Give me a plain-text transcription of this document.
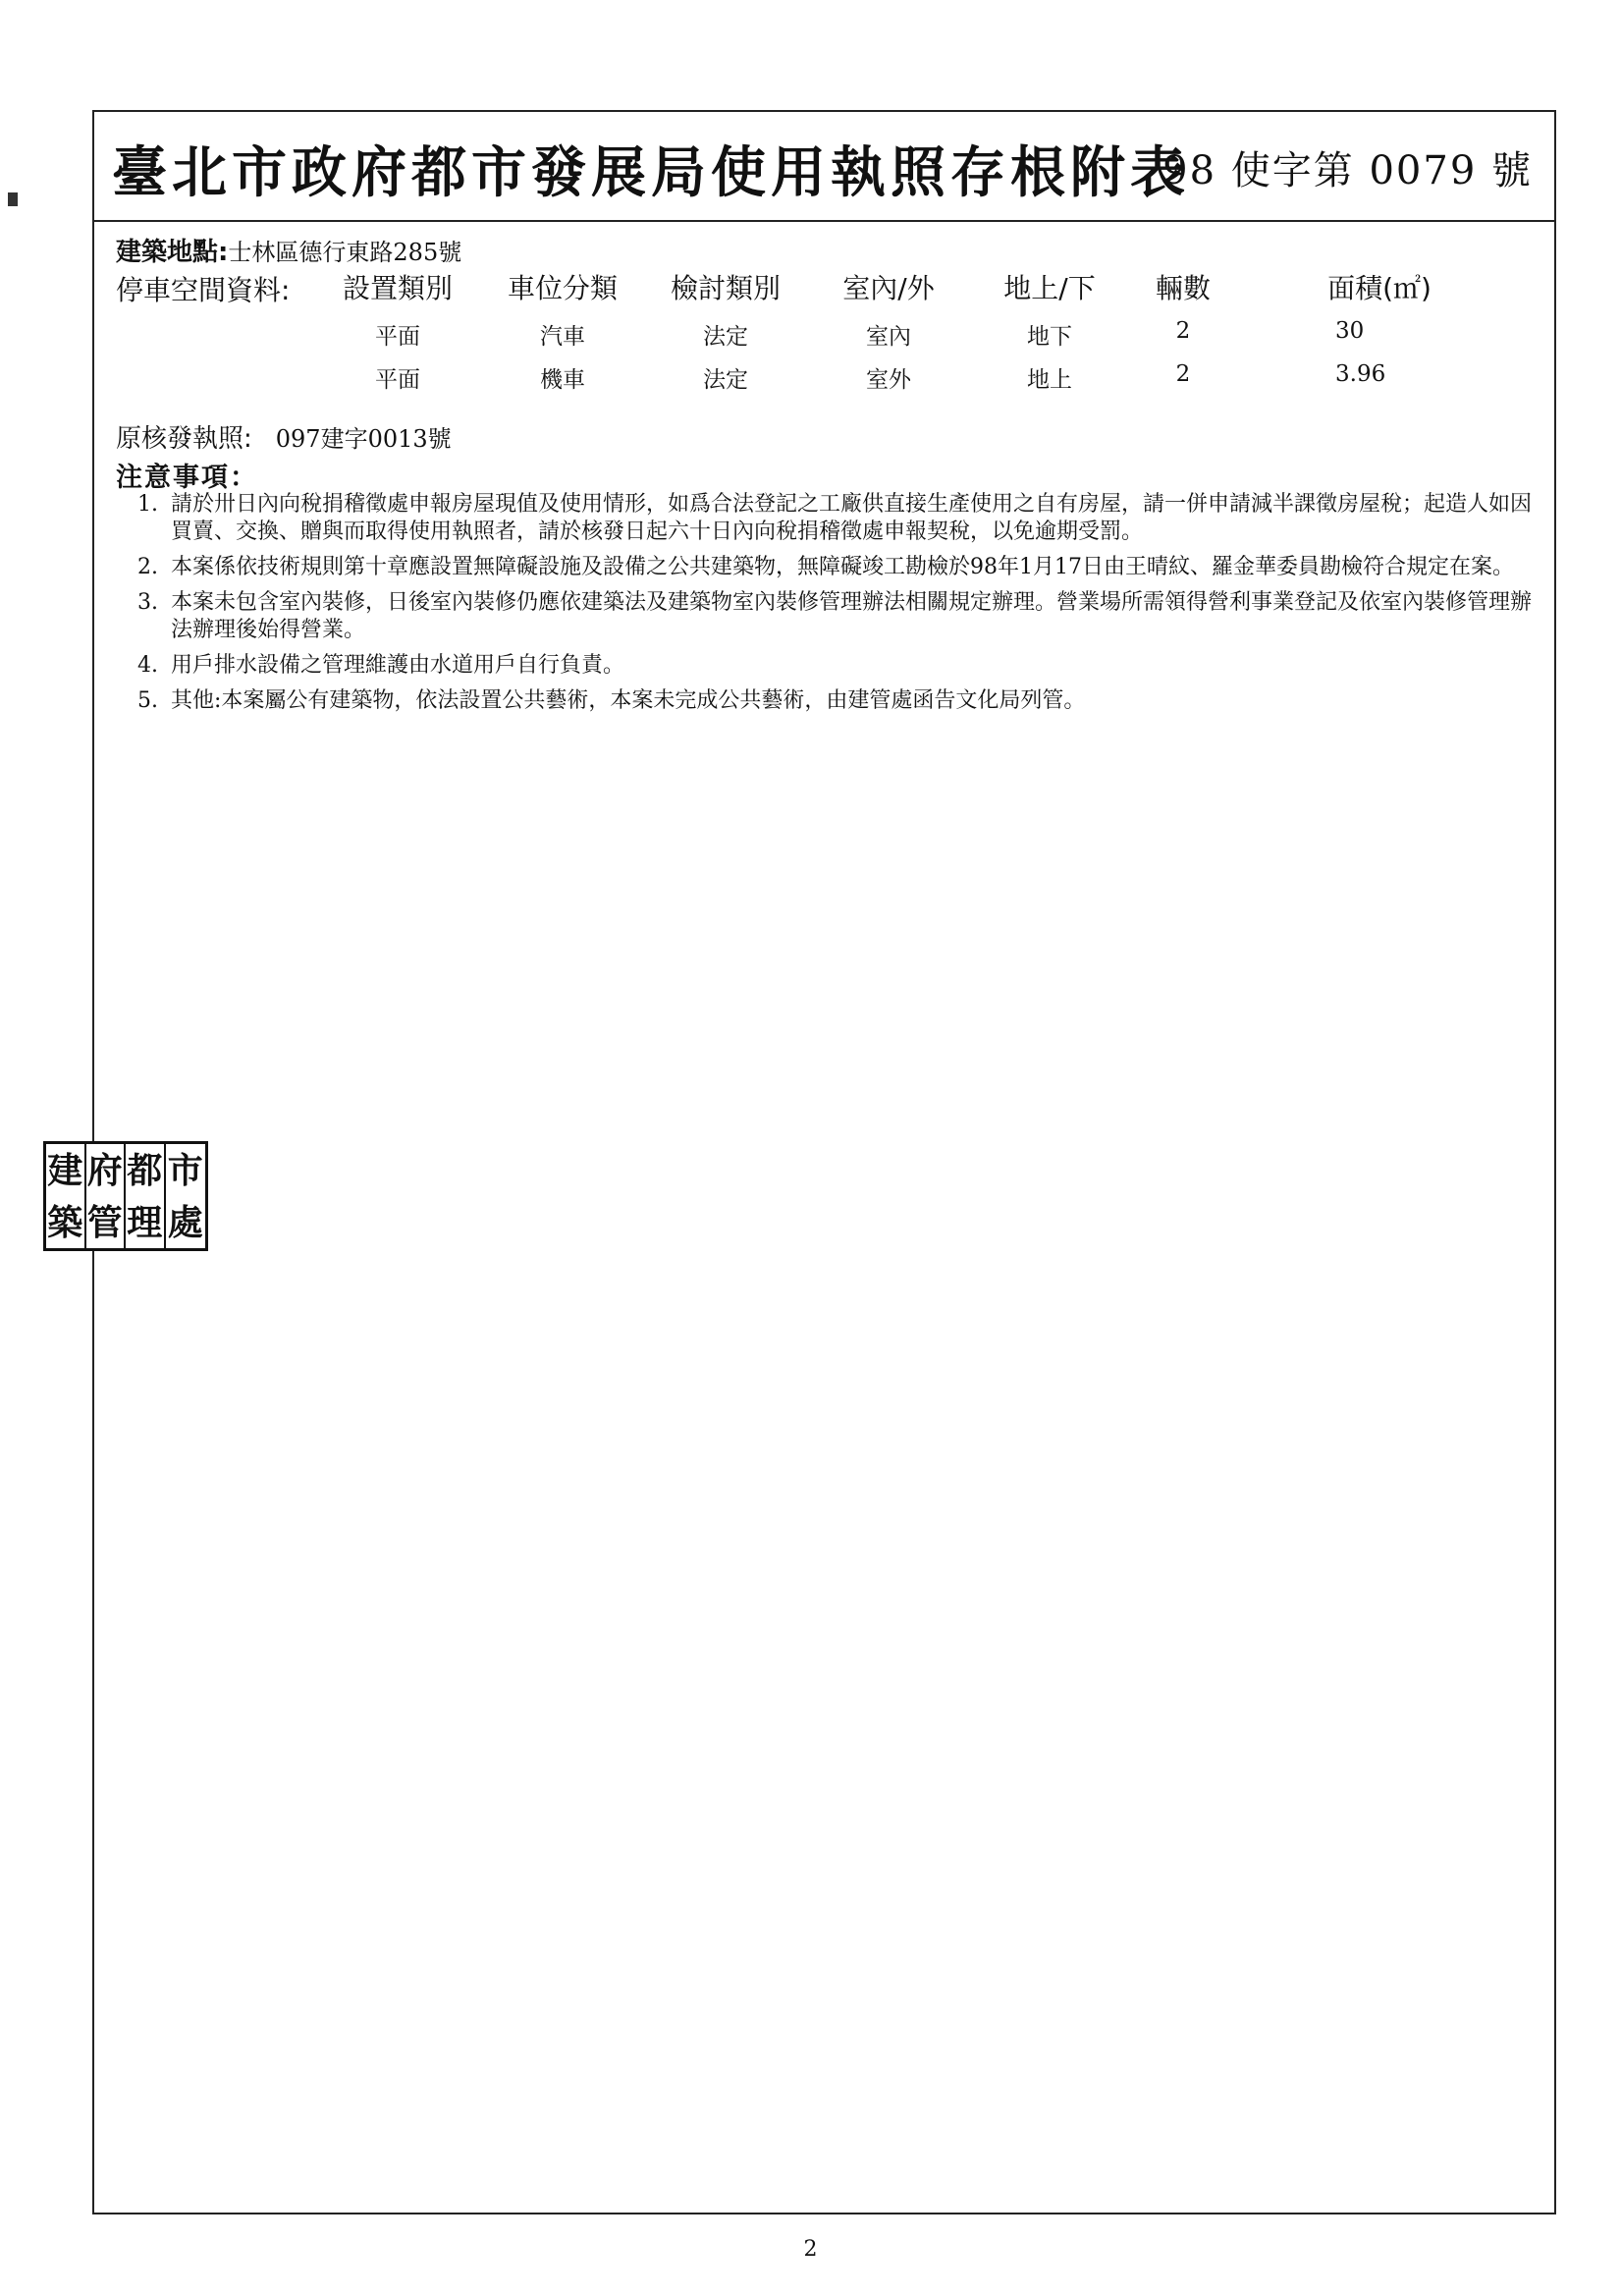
臺北市政府都市發展局使用執照存根附表
98 使字第 0079 號
建築地點:士林區德行東路285號
停車空間資料:	設置類別	車位分類	檢討類別	室內/外	地上/下	輛數	面積(㎡)
平面	汽車	法定	室內	地下	2	30
平面	機車	法定	室外	地上	2	3.96
原核發執照: 097建字0013號
注意事項：
1. 請於卅日內向稅捐稽徵處申報房屋現值及使用情形，如爲合法登記之工廠供直接生產使用之自有房屋，請一併申請減半課徵房屋稅；起造人如因買賣、交換、贈與而取得使用執照者，請於核發日起六十日內向稅捐稽徵處申報契稅，以免逾期受罰。
2. 本案係依技術規則第十章應設置無障礙設施及設備之公共建築物，無障礙竣工勘檢於98年1月17日由王晴紋、羅金華委員勘檢符合規定在案。
3. 本案未包含室內裝修，日後室內裝修仍應依建築法及建築物室內裝修管理辦法相關規定辦理。營業場所需領得營利事業登記及依室內裝修管理辦法辦理後始得營業。
4. 用戶排水設備之管理維護由水道用戶自行負責。
5. 其他:本案屬公有建築物，依法設置公共藝術，本案未完成公共藝術，由建管處函告文化局列管。
建 府 都 市
築 管 理 處
2
